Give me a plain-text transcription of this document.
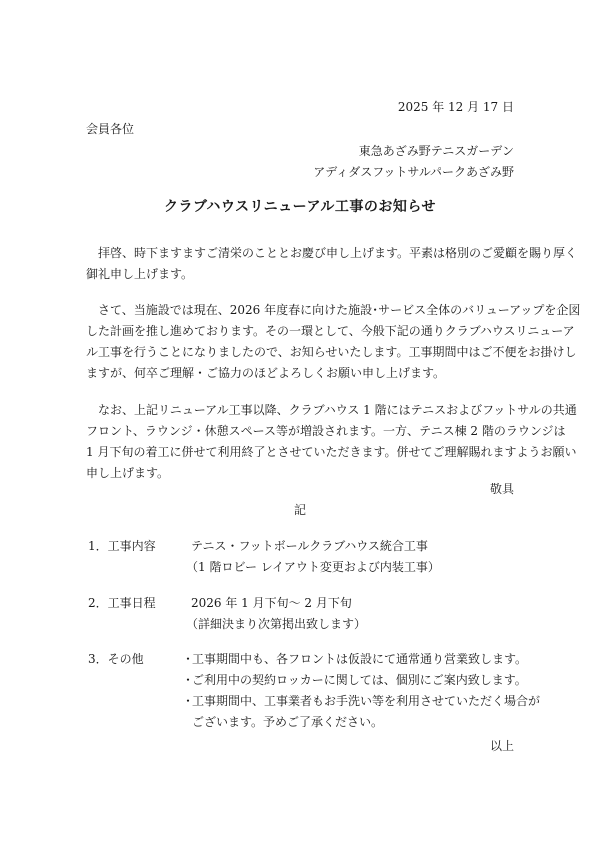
2025 年 12 月 17 日
会員各位
東急あざみ野テニスガーデン
アディダスフットサルパークあざみ野
クラブハウスリニューアル工事のお知らせ
　拝啓、時下ますますご清栄のこととお慶び申し上げます。平素は格別のご愛顧を賜り厚く
御礼申し上げます。
　さて、当施設では現在、2026 年度春に向けた施設･サービス全体のバリューアップを企図
した計画を推し進めております。その一環として、今般下記の通りクラブハウスリニューア
ル工事を行うことになりましたので、お知らせいたします。工事期間中はご不便をお掛けし
ますが、何卒ご理解・ご協力のほどよろしくお願い申し上げます。
　なお、上記リニューアル工事以降、クラブハウス 1 階にはテニスおよびフットサルの共通
フロント、ラウンジ・休憩スペース等が増設されます。一方、テニス棟 2 階のラウンジは
1 月下旬の着工に併せて利用終了とさせていただきます。併せてご理解賜れますようお願い
申し上げます。
敬具
記
1．工事内容	テニス・フットボールクラブハウス統合工事
（1 階ロビー レイアウト変更および内装工事）
2．工事日程	2026 年 1 月下旬～ 2 月下旬
（詳細決まり次第掲出致します）
3．その他	・工事期間中も、各フロントは仮設にて通常通り営業致します。
・ご利用中の契約ロッカーに関しては、個別にご案内致します。
・工事期間中、工事業者もお手洗い等を利用させていただく場合が
ございます。予めご了承ください。
以上
